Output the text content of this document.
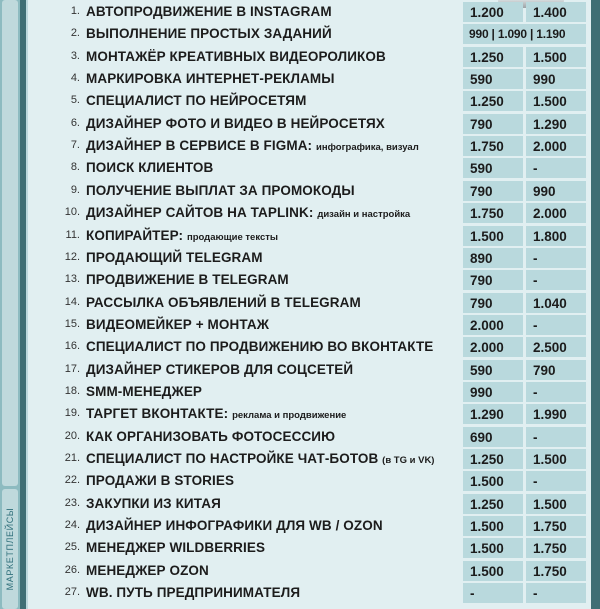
МАРКЕТПЛЕЙСЫ
1. АВТОПРОДВИЖЕНИЕ В INSTAGRAM	1.200	1.400
2. ВЫПОЛНЕНИЕ ПРОСТЫХ ЗАДАНИЙ	990 | 1.090 | 1.190
3. МОНТАЖЁР КРЕАТИВНЫХ ВИДЕОРОЛИКОВ	1.250	1.500
4. МАРКИРОВКА ИНТЕРНЕТ-РЕКЛАМЫ	590	990
5. СПЕЦИАЛИСТ ПО НЕЙРОСЕТЯМ	1.250	1.500
6. ДИЗАЙНЕР ФОТО И ВИДЕО В НЕЙРОСЕТЯХ	790	1.290
7. ДИЗАЙНЕР В СЕРВИСЕ В FIGMA: инфографика, визуал	1.750	2.000
8. ПОИСК КЛИЕНТОВ	590	-
9. ПОЛУЧЕНИЕ ВЫПЛАТ ЗА ПРОМОКОДЫ	790	990
10. ДИЗАЙНЕР САЙТОВ НА TAPLINK: дизайн и настройка	1.750	2.000
11. КОПИРАЙТЕР: продающие тексты	1.500	1.800
12. ПРОДАЮЩИЙ TELEGRAM	890	-
13. ПРОДВИЖЕНИЕ В TELEGRAM	790	-
14. РАССЫЛКА ОБЪЯВЛЕНИЙ В TELEGRAM	790	1.040
15. ВИДЕОМЕЙКЕР + МОНТАЖ	2.000	-
16. СПЕЦИАЛИСТ ПО ПРОДВИЖЕНИЮ ВО ВКОНТАКТЕ	2.000	2.500
17. ДИЗАЙНЕР СТИКЕРОВ ДЛЯ СОЦСЕТЕЙ	590	790
18. SMM-МЕНЕДЖЕР	990	-
19. ТАРГЕТ ВКОНТАКТЕ: реклама и продвижение	1.290	1.990
20. КАК ОРГАНИЗОВАТЬ ФОТОСЕССИЮ	690	-
21. СПЕЦИАЛИСТ ПО НАСТРОЙКЕ ЧАТ-БОТОВ (в TG и VK)	1.250	1.500
22. ПРОДАЖИ В STORIES	1.500	-
23. ЗАКУПКИ ИЗ КИТАЯ	1.250	1.500
24. ДИЗАЙНЕР ИНФОГРАФИКИ ДЛЯ WB / OZON	1.500	1.750
25. МЕНЕДЖЕР WILDBERRIES	1.500	1.750
26. МЕНЕДЖЕР OZON	1.500	1.750
27. WB. ПУТЬ ПРЕДПРИНИМАТЕЛЯ	-	-
